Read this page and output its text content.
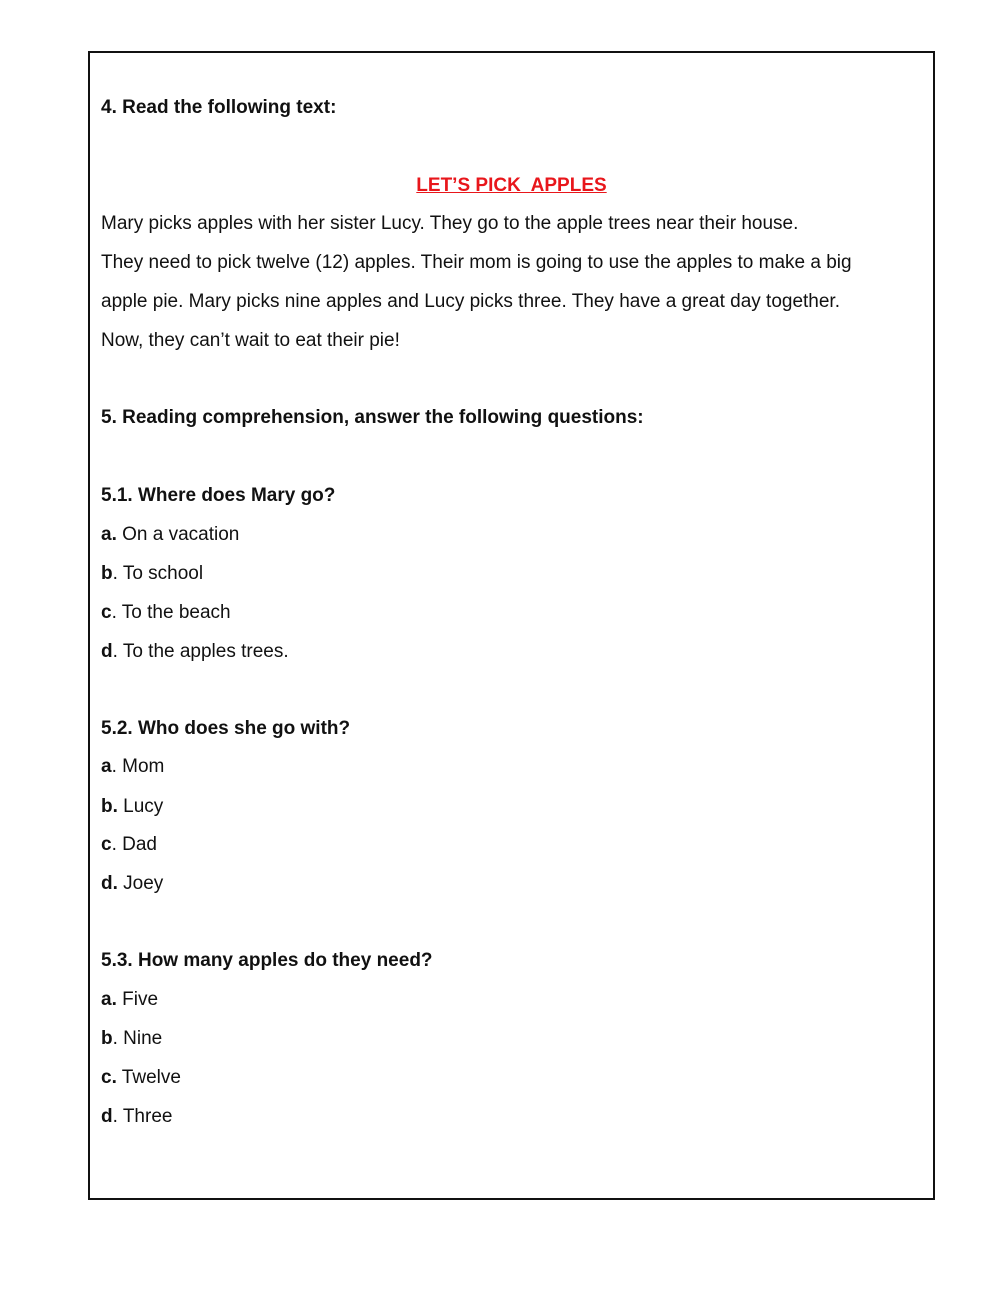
4. Read the following text:
LET’S PICK  APPLES
Mary picks apples with her sister Lucy. They go to the apple trees near their house.
They need to pick twelve (12) apples. Their mom is going to use the apples to make a big
apple pie. Mary picks nine apples and Lucy picks three. They have a great day together.
Now, they can’t wait to eat their pie!
5. Reading comprehension, answer the following questions:
5.1. Where does Mary go?
a. On a vacation
b. To school
c. To the beach
d. To the apples trees.
5.2. Who does she go with?
a. Mom
b. Lucy
c. Dad
d. Joey
5.3. How many apples do they need?
a. Five
b. Nine
c. Twelve
d. Three
